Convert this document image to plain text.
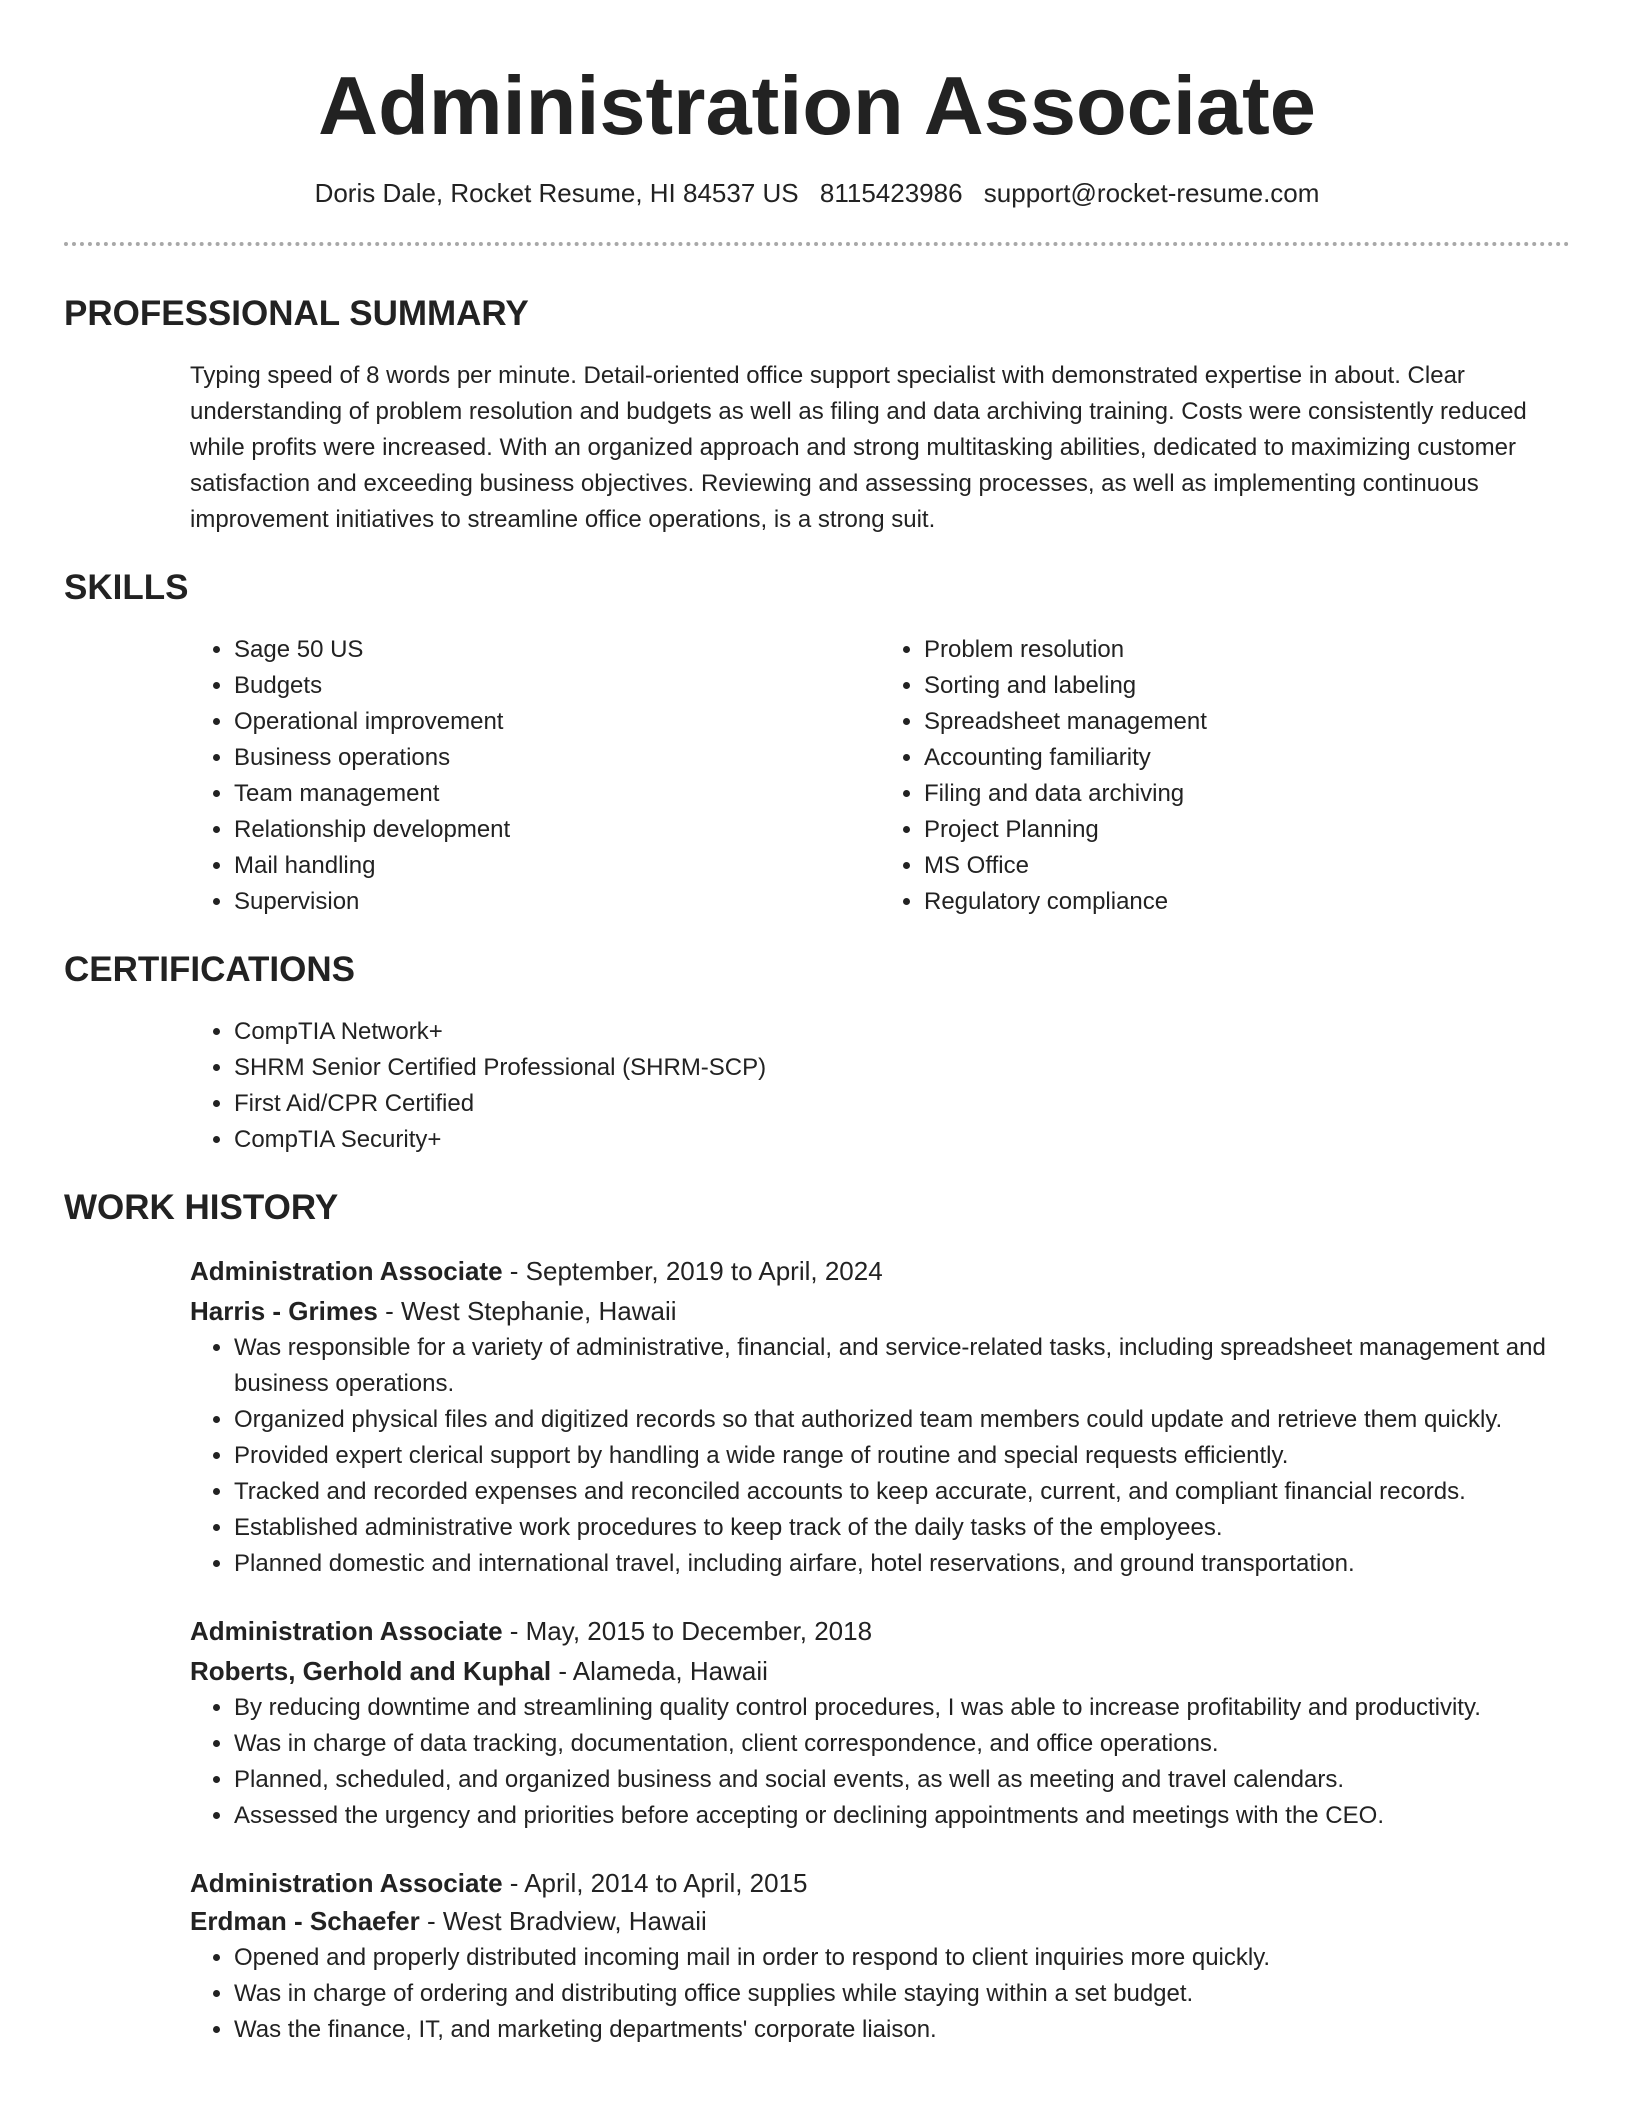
Administration Associate
Doris Dale, Rocket Resume, HI 84537 US 8115423986 support@rocket-resume.com
PROFESSIONAL SUMMARY

Typing speed of 8 words per minute. Detail-oriented office support specialist with demonstrated expertise in about. Clear understanding of problem resolution and budgets as well as filing and data archiving training. Costs were consistently reduced while profits were increased. With an organized approach and strong multitasking abilities, dedicated to maximizing customer satisfaction and exceeding business objectives. Reviewing and assessing processes, as well as implementing continuous improvement initiatives to streamline office operations, is a strong suit.

SKILLS
• Sage 50 US
• Budgets
• Operational improvement
• Business operations
• Team management
• Relationship development
• Mail handling
• Supervision
• Problem resolution
• Sorting and labeling
• Spreadsheet management
• Accounting familiarity
• Filing and data archiving
• Project Planning
• MS Office
• Regulatory compliance
CERTIFICATIONS
• CompTIA Network+
• SHRM Senior Certified Professional (SHRM-SCP)
• First Aid/CPR Certified
• CompTIA Security+
WORK HISTORY
Administration Associate - September, 2019 to April, 2024
Harris - Grimes - West Stephanie, Hawaii
• Was responsible for a variety of administrative, financial, and service-related tasks, including spreadsheet management and business operations.
• Organized physical files and digitized records so that authorized team members could update and retrieve them quickly.
• Provided expert clerical support by handling a wide range of routine and special requests efficiently.
• Tracked and recorded expenses and reconciled accounts to keep accurate, current, and compliant financial records.
• Established administrative work procedures to keep track of the daily tasks of the employees.
• Planned domestic and international travel, including airfare, hotel reservations, and ground transportation.
Administration Associate - May, 2015 to December, 2018
Roberts, Gerhold and Kuphal - Alameda, Hawaii
• By reducing downtime and streamlining quality control procedures, I was able to increase profitability and productivity.
• Was in charge of data tracking, documentation, client correspondence, and office operations.
• Planned, scheduled, and organized business and social events, as well as meeting and travel calendars.
• Assessed the urgency and priorities before accepting or declining appointments and meetings with the CEO.
Administration Associate - April, 2014 to April, 2015
Erdman - Schaefer - West Bradview, Hawaii
• Opened and properly distributed incoming mail in order to respond to client inquiries more quickly.
• Was in charge of ordering and distributing office supplies while staying within a set budget.
• Was the finance, IT, and marketing departments' corporate liaison.
